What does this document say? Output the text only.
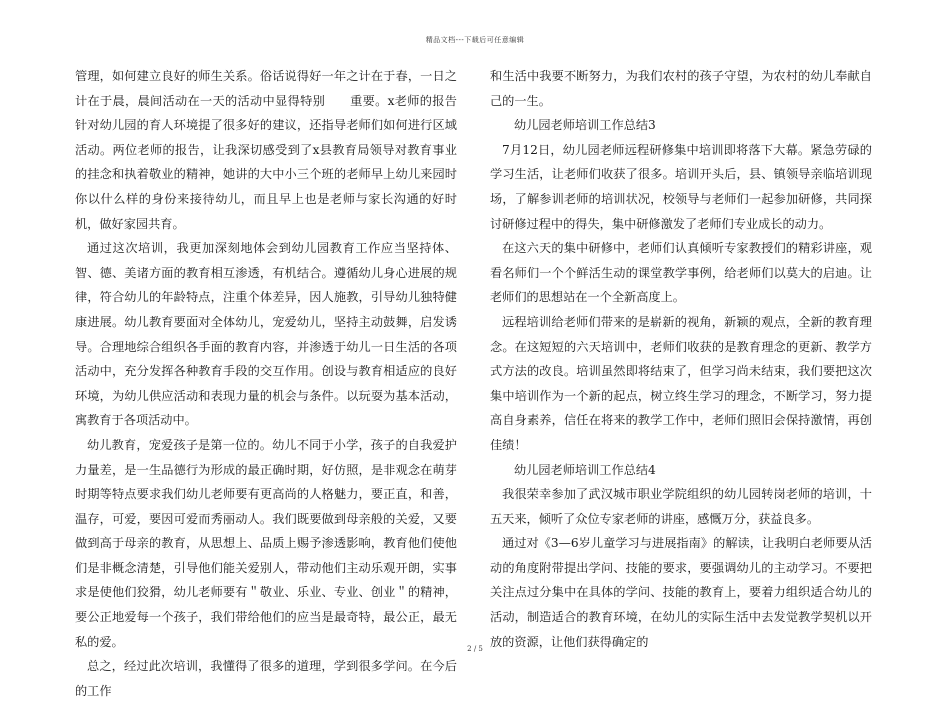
精品文档---下载后可任意编辑

管理，如何建立良好的师生关系。俗话说得好一年之计在于春，一日之计在于晨，晨间活动在一天的活动中显得特别　　重要。x老师的报告针对幼儿园的育人环境提了很多好的建议，还指导老师们如何进行区域活动。两位老师的报告，让我深切感受到了x县教育局领导对教育事业的挂念和执着敬业的精神，她讲的大中小三个班的老师早上幼儿来园时你以什么样的身份来接待幼儿，而且早上也是老师与家长沟通的好时机，做好家园共育。

通过这次培训，我更加深刻地体会到幼儿园教育工作应当坚持体、智、德、美诸方面的教育相互渗透，有机结合。遵循幼儿身心进展的规律，符合幼儿的年龄特点，注重个体差异，因人施教，引导幼儿独特健康进展。幼儿教育要面对全体幼儿，宠爱幼儿，坚持主动鼓舞，启发诱导。合理地综合组织各手面的教育内容，并渗透于幼儿一日生活的各项活动中，充分发挥各种教育手段的交互作用。创设与教育相适应的良好环境，为幼儿供应活动和表现力量的机会与条件。以玩耍为基本活动，寓教育于各项活动中。

幼儿教育，宠爱孩子是第一位的。幼儿不同于小学，孩子的自我爱护力量差，是一生品德行为形成的最正确时期，好仿照，是非观念在萌芽时期等特点要求我们幼儿老师要有更高尚的人格魅力，要正直，和善，温存，可爱，要因可爱而秀丽动人。我们既要做到母亲般的关爱，又要做到高于母亲的教育，从思想上、品质上赐予渗透影响，教育他们使他们是非概念清楚，引导他们能关爱别人，带动他们主动乐观开朗，实事求是使他们狡猾，幼儿老师要有＂敬业、乐业、专业、创业＂的精神，要公正地爱每一个孩子，我们带给他们的应当是最奇特，最公正，最无私的爱。

总之，经过此次培训，我懂得了很多的道理，学到很多学问。在今后的工作

和生活中我要不断努力，为我们农村的孩子守望，为农村的幼儿奉献自己的一生。

幼儿园老师培训工作总结3

7月12日，幼儿园老师远程研修集中培训即将落下大幕。紧急劳碌的学习生活，让老师们收获了很多。培训开头后，县、镇领导亲临培训现场，了解参训老师的培训状况，校领导与老师们一起参加研修，共同探讨研修过程中的得失，集中研修激发了老师们专业成长的动力。

在这六天的集中研修中，老师们认真倾听专家教授们的精彩讲座，观看名师们一个个鲜活生动的课堂教学事例，给老师们以莫大的启迪。让老师们的思想站在一个全新高度上。

远程培训给老师们带来的是崭新的视角，新颖的观点，全新的教育理念。在这短短的六天培训中，老师们收获的是教育理念的更新、教学方式方法的改良。培训虽然即将结束了，但学习尚未结束，我们要把这次集中培训作为一个新的起点，树立终生学习的理念，不断学习，努力提高自身素养，信任在将来的教学工作中，老师们照旧会保持激情，再创佳绩！

幼儿园老师培训工作总结4

我很荣幸参加了武汉城市职业学院组织的幼儿园转岗老师的培训，十五天来，倾听了众位专家老师的讲座，感慨万分，获益良多。

通过对《3—6岁儿童学习与进展指南》的解读，让我明白老师要从活动的角度附带提出学问、技能的要求，要强调幼儿的主动学习。不要把关注点过分集中在具体的学问、技能的教育上，要着力组织适合幼儿的活动，制造适合的教育环境，在幼儿的实际生活中去发觉教学契机以开放的资源，让他们获得确定的

2 / 5
